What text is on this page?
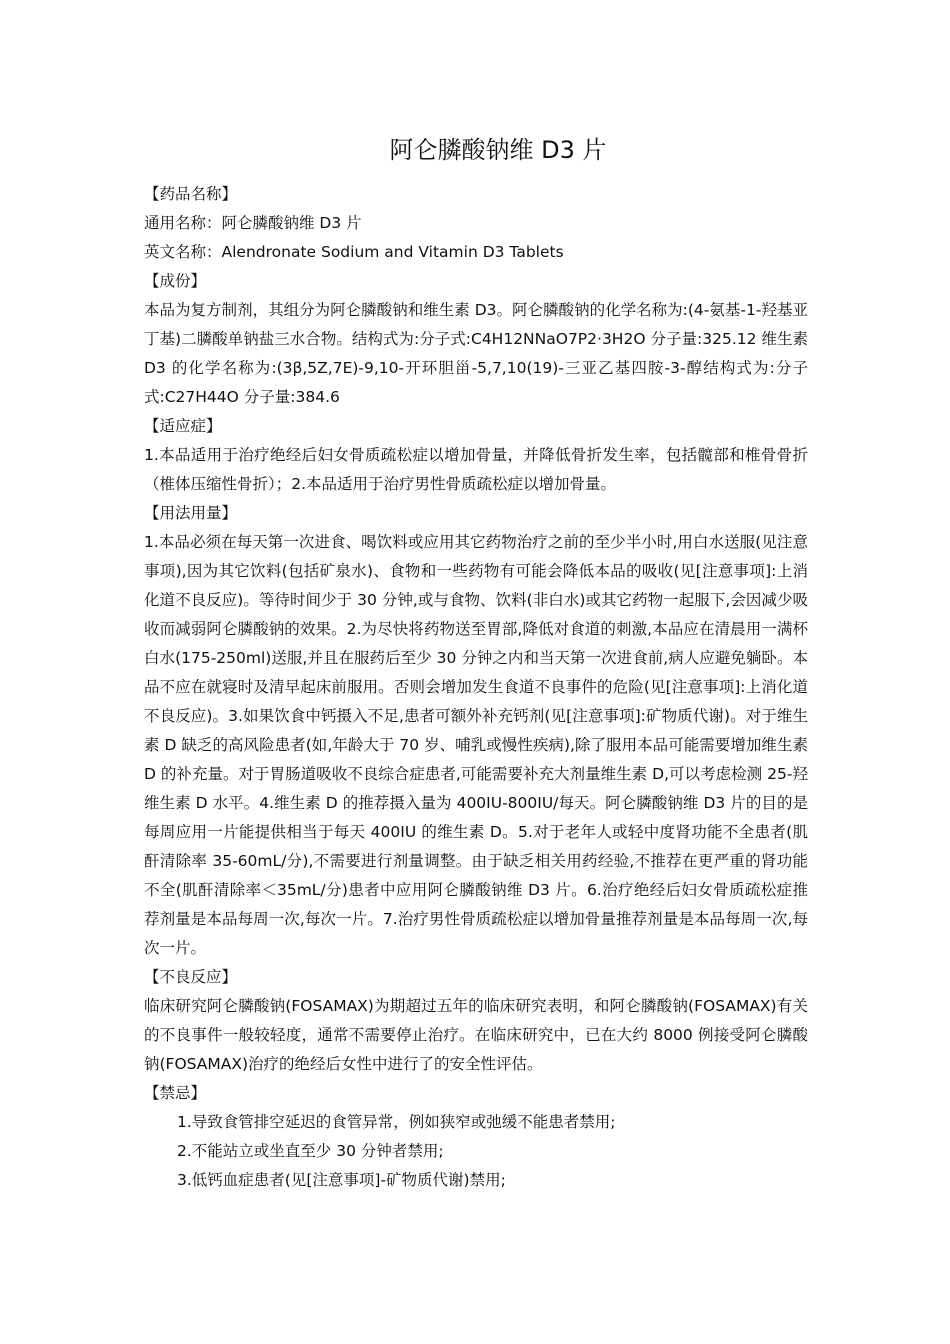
阿仑膦酸钠维 D3 片

【药品名称】

通用名称：阿仑膦酸钠维 D3 片

英文名称：Alendronate Sodium and Vitamin D3 Tablets

【成份】

本品为复方制剂，其组分为阿仑膦酸钠和维生素 D3。阿仑膦酸钠的化学名称为:(4-氨基-1-羟基亚丁基)二膦酸单钠盐三水合物。结构式为:分子式:C4H12NNaO7P2·3H2O 分子量:325.12 维生素 D3 的化学名称为:(3β,5Z,7E)-9,10-开环胆甾-5,7,10(19)-三亚乙基四胺-3-醇结构式为:分子式:C27H44O 分子量:384.6

【适应症】

1.本品适用于治疗绝经后妇女骨质疏松症以增加骨量，并降低骨折发生率，包括髋部和椎骨骨折（椎体压缩性骨折）；2.本品适用于治疗男性骨质疏松症以增加骨量。

【用法用量】

1.本品必须在每天第一次进食、喝饮料或应用其它药物治疗之前的至少半小时,用白水送服(见注意事项),因为其它饮料(包括矿泉水)、食物和一些药物有可能会降低本品的吸收(见[注意事项]:上消化道不良反应)。等待时间少于 30 分钟,或与食物、饮料(非白水)或其它药物一起服下,会因减少吸收而减弱阿仑膦酸钠的效果。2.为尽快将药物送至胃部,降低对食道的刺激,本品应在清晨用一满杯白水(175-250ml)送服,并且在服药后至少 30 分钟之内和当天第一次进食前,病人应避免躺卧。本品不应在就寝时及清早起床前服用。否则会增加发生食道不良事件的危险(见[注意事项]:上消化道不良反应)。3.如果饮食中钙摄入不足,患者可额外补充钙剂(见[注意事项]:矿物质代谢)。对于维生素 D 缺乏的高风险患者(如,年龄大于 70 岁、哺乳或慢性疾病),除了服用本品可能需要增加维生素 D 的补充量。对于胃肠道吸收不良综合症患者,可能需要补充大剂量维生素 D,可以考虑检测 25-羟维生素 D 水平。4.维生素 D 的推荐摄入量为 400IU-800IU/每天。阿仑膦酸钠维 D3 片的目的是每周应用一片能提供相当于每天 400IU 的维生素 D。5.对于老年人或轻中度肾功能不全患者(肌酐清除率 35-60mL/分),不需要进行剂量调整。由于缺乏相关用药经验,不推荐在更严重的肾功能不全(肌酐清除率＜35mL/分)患者中应用阿仑膦酸钠维 D3 片。6.治疗绝经后妇女骨质疏松症推荐剂量是本品每周一次,每次一片。7.治疗男性骨质疏松症以增加骨量推荐剂量是本品每周一次,每次一片。

【不良反应】

临床研究阿仑膦酸钠(FOSAMAX)为期超过五年的临床研究表明，和阿仑膦酸钠(FOSAMAX)有关的不良事件一般较轻度，通常不需要停止治疗。在临床研究中，已在大约 8000 例接受阿仑膦酸钠(FOSAMAX)治疗的绝经后女性中进行了的安全性评估。

【禁忌】

1.导致食管排空延迟的食管异常，例如狭窄或弛缓不能患者禁用;

2.不能站立或坐直至少 30 分钟者禁用;

3.低钙血症患者(见[注意事项]-矿物质代谢)禁用;
